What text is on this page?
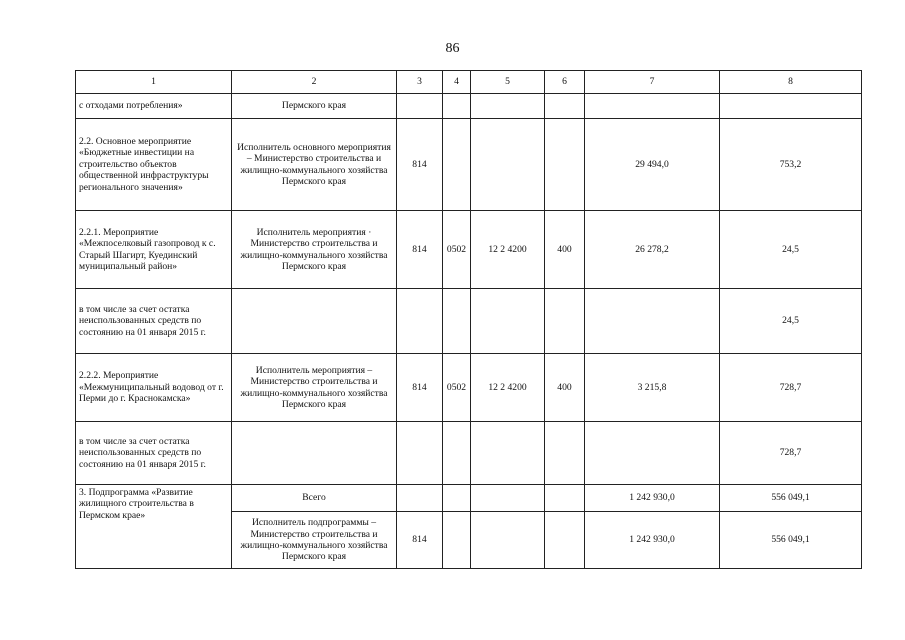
86
1	2	3	4	5	6	7	8
с отходами потребления»	Пермского края						
2.2. Основное мероприятие «Бюджетные инвестиции на строительство объектов общественной инфраструктуры регионального значения»	Исполнитель основного мероприятия – Министерство строительства и жилищно-коммунального хозяйства Пермского края	814				29 494,0	753,2
2.2.1. Мероприятие «Межпоселковый газопровод к с. Старый Шагирт, Куединский муниципальный район»	Исполнитель мероприятия · Министерство строительства и жилищно-коммунального хозяйства Пермского края	814	0502	12 2 4200	400	26 278,2	24,5
в том числе за счет остатка неиспользованных средств по состоянию на 01 января 2015 г.							24,5
2.2.2. Мероприятие «Межмуниципальный водовод от г. Перми до г. Краснокамска»	Исполнитель мероприятия – Министерство строительства и жилищно-коммунального хозяйства Пермского края	814	0502	12 2 4200	400	3 215,8	728,7
в том числе за счет остатка неиспользованных средств по состоянию на 01 января 2015 г.							728,7
3. Подпрограмма «Развитие жилищного строительства в Пермском крае»	Всего					1 242 930,0	556 049,1
	Исполнитель подпрограммы – Министерство строительства и жилищно-коммунального хозяйства Пермского края	814				1 242 930,0	556 049,1
